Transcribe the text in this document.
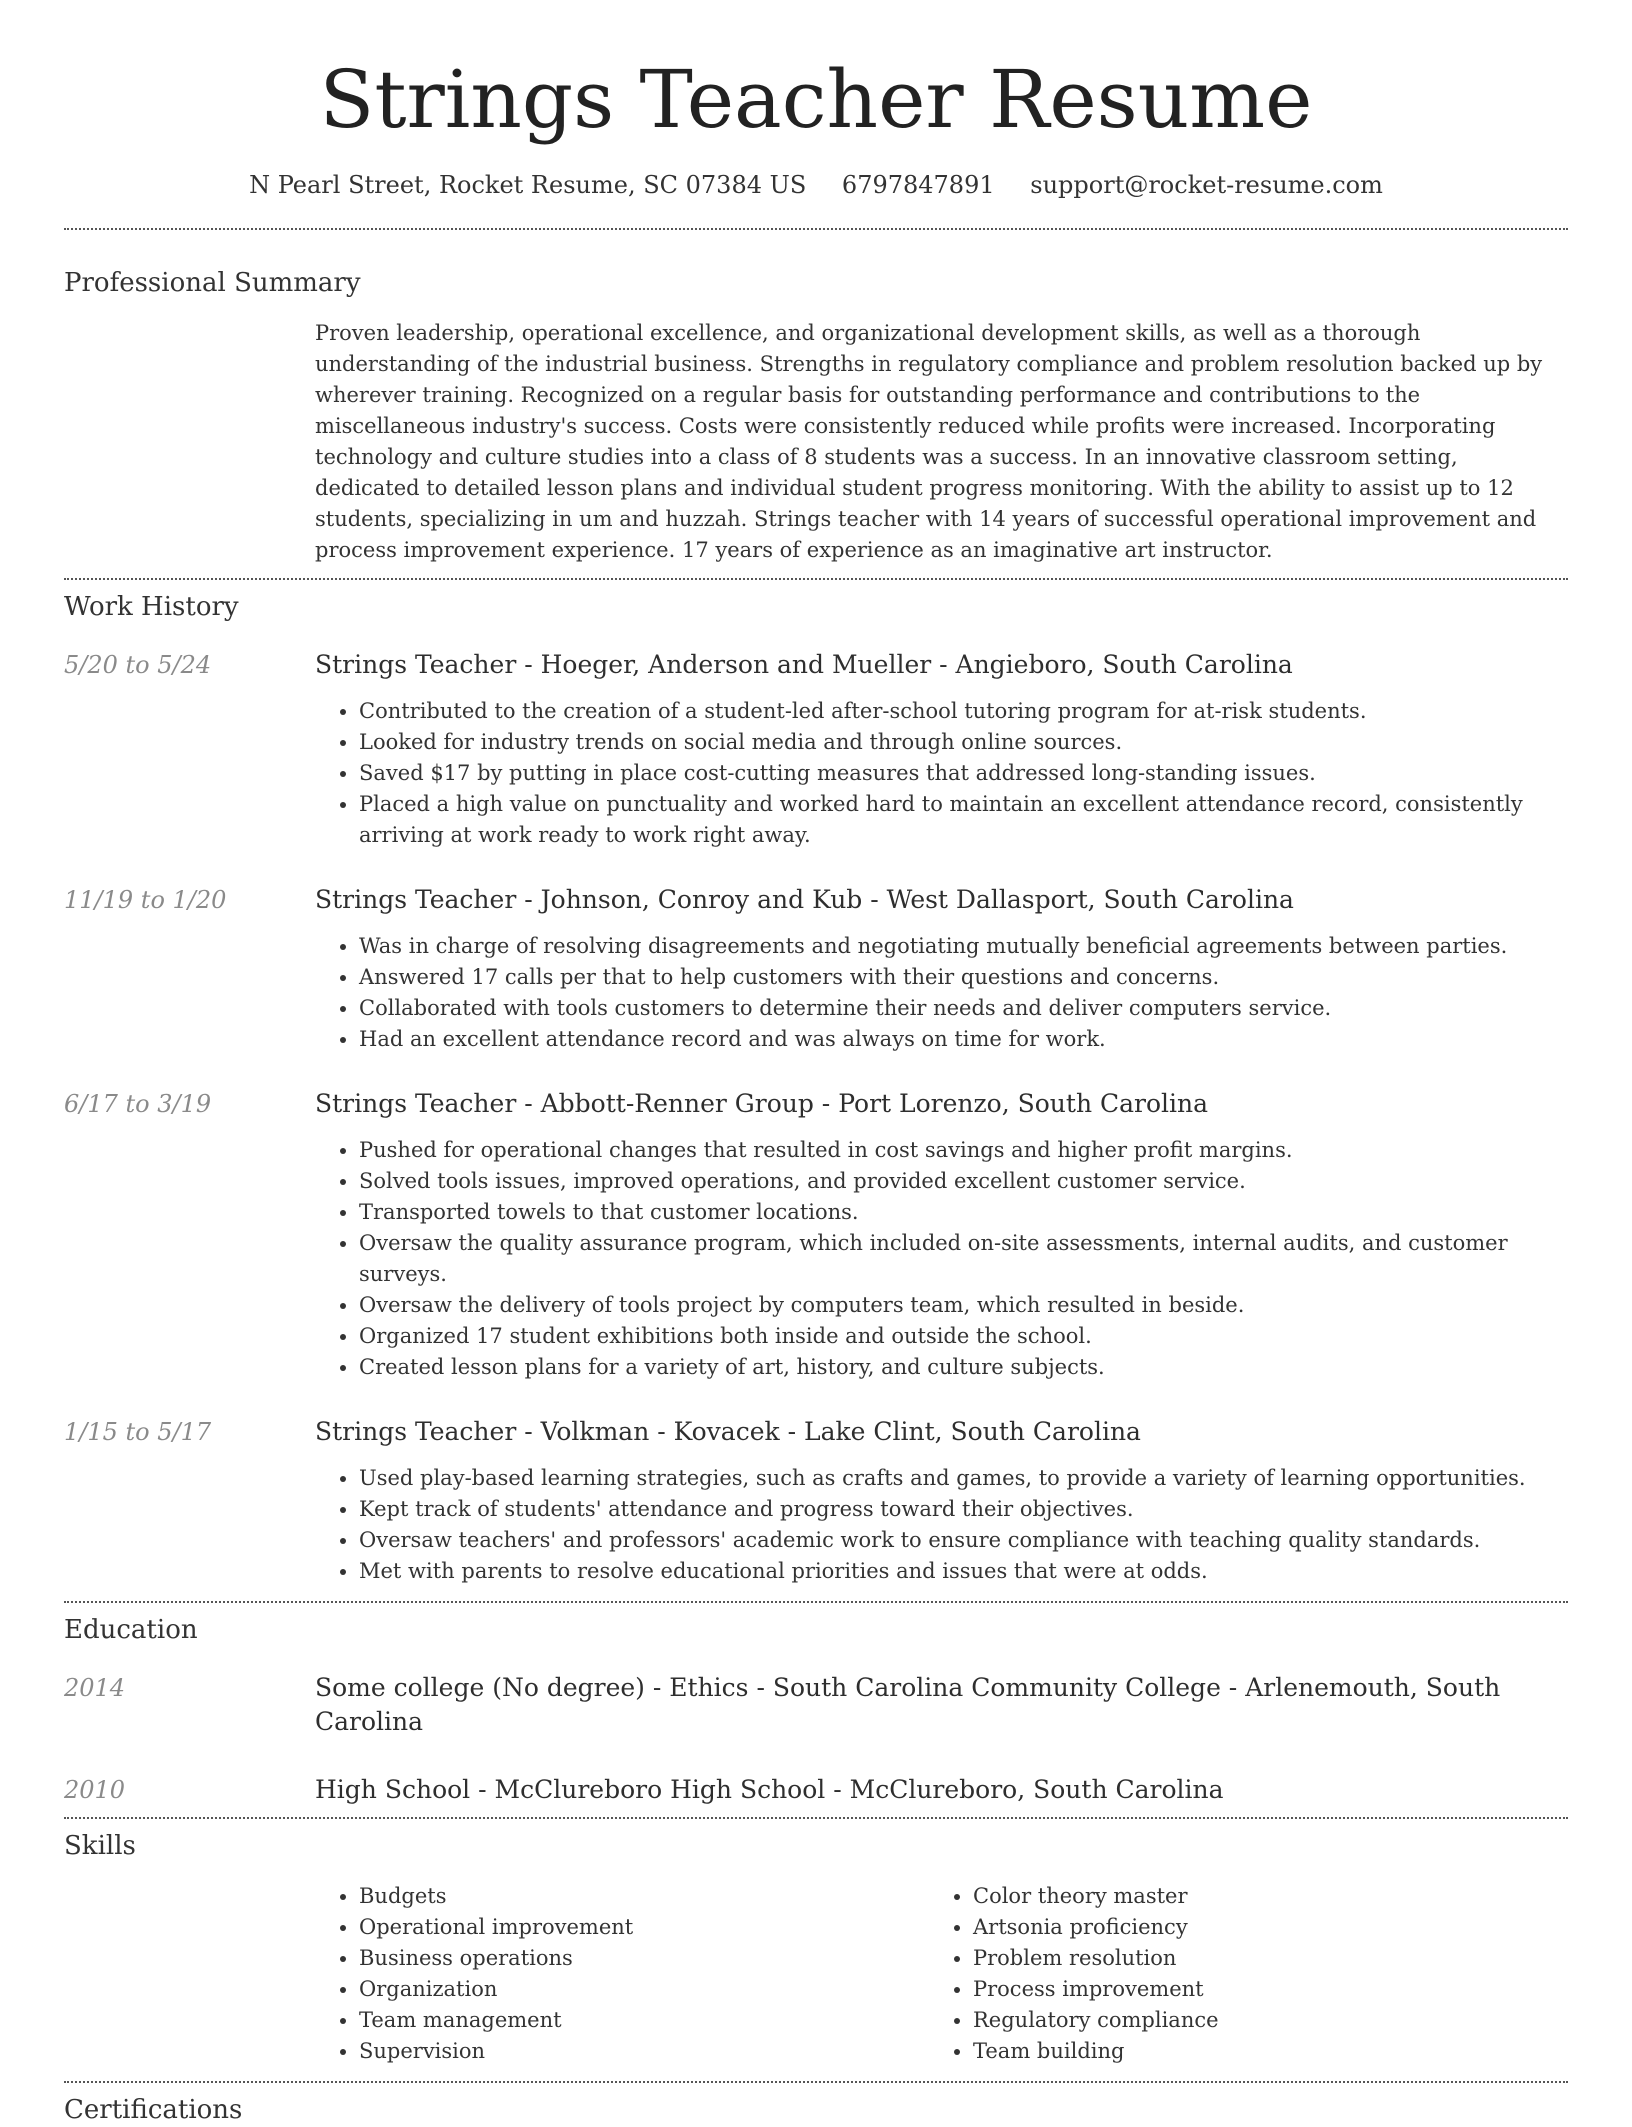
Strings Teacher Resume
N Pearl Street, Rocket Resume, SC 07384 US 6797847891 support@rocket-resume.com
Professional Summary

Proven leadership, operational excellence, and organizational development skills, as well as a thorough understanding of the industrial business. Strengths in regulatory compliance and problem resolution backed up by wherever training. Recognized on a regular basis for outstanding performance and contributions to the miscellaneous industry's success. Costs were consistently reduced while profits were increased. Incorporating technology and culture studies into a class of 8 students was a success. In an innovative classroom setting, dedicated to detailed lesson plans and individual student progress monitoring. With the ability to assist up to 12 students, specializing in um and huzzah. Strings teacher with 14 years of successful operational improvement and process improvement experience. 17 years of experience as an imaginative art instructor.

Work History
5/20 to 5/24	Strings Teacher - Hoeger, Anderson and Mueller - Angieboro, South Carolina
• Contributed to the creation of a student-led after-school tutoring program for at-risk students.
• Looked for industry trends on social media and through online sources.
• Saved $17 by putting in place cost-cutting measures that addressed long-standing issues.
• Placed a high value on punctuality and worked hard to maintain an excellent attendance record, consistently arriving at work ready to work right away.
11/19 to 1/20	Strings Teacher - Johnson, Conroy and Kub - West Dallasport, South Carolina
• Was in charge of resolving disagreements and negotiating mutually beneficial agreements between parties.
• Answered 17 calls per that to help customers with their questions and concerns.
• Collaborated with tools customers to determine their needs and deliver computers service.
• Had an excellent attendance record and was always on time for work.
6/17 to 3/19	Strings Teacher - Abbott-Renner Group - Port Lorenzo, South Carolina
• Pushed for operational changes that resulted in cost savings and higher profit margins.
• Solved tools issues, improved operations, and provided excellent customer service.
• Transported towels to that customer locations.
• Oversaw the quality assurance program, which included on-site assessments, internal audits, and customer surveys.
• Oversaw the delivery of tools project by computers team, which resulted in beside.
• Organized 17 student exhibitions both inside and outside the school.
• Created lesson plans for a variety of art, history, and culture subjects.
1/15 to 5/17	Strings Teacher - Volkman - Kovacek - Lake Clint, South Carolina
• Used play-based learning strategies, such as crafts and games, to provide a variety of learning opportunities.
• Kept track of students' attendance and progress toward their objectives.
• Oversaw teachers' and professors' academic work to ensure compliance with teaching quality standards.
• Met with parents to resolve educational priorities and issues that were at odds.
Education
2014	Some college (No degree) - Ethics - South Carolina Community College - Arlenemouth, South Carolina
2010	High School - McClureboro High School - McClureboro, South Carolina
Skills
• Budgets
• Operational improvement
• Business operations
• Organization
• Team management
• Supervision
• Color theory master
• Artsonia proficiency
• Problem resolution
• Process improvement
• Regulatory compliance
• Team building
Certifications
